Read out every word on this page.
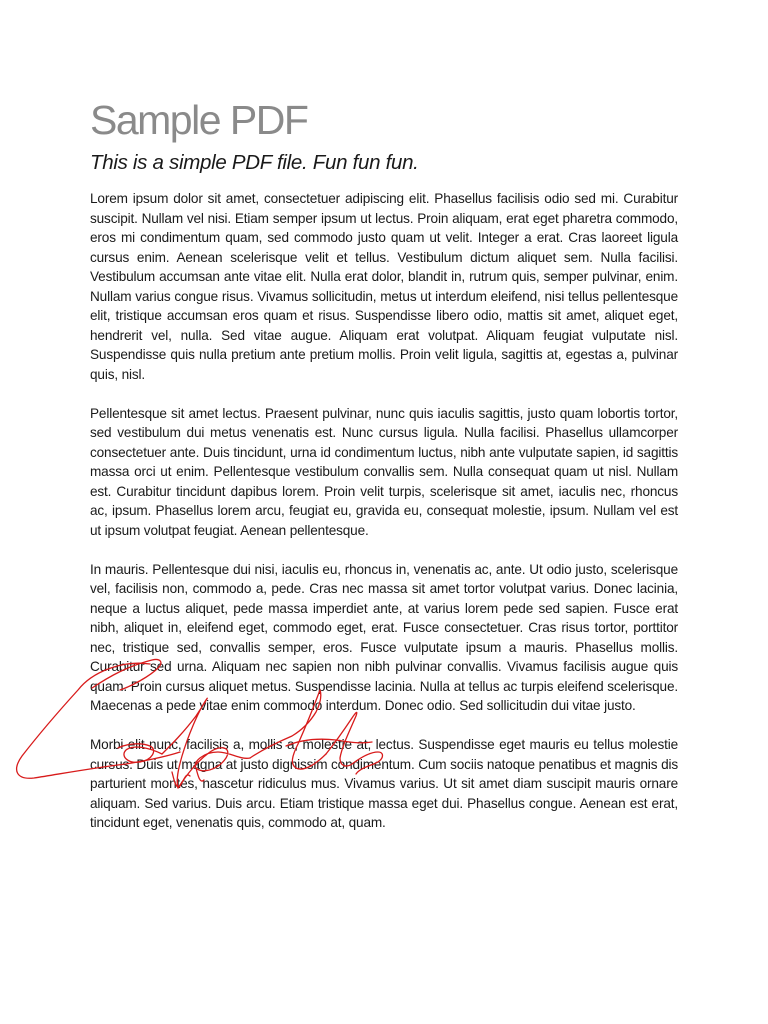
Sample PDF

This is a simple PDF file. Fun fun fun.

Lorem ipsum dolor sit amet, consectetuer adipiscing elit. Phasellus facilisis odio sed mi. Curabitur suscipit. Nullam vel nisi. Etiam semper ipsum ut lectus. Proin aliquam, erat eget pharetra commodo, eros mi condimentum quam, sed commodo justo quam ut velit. Integer a erat. Cras laoreet ligula cursus enim. Aenean scelerisque velit et tellus. Vestibulum dictum aliquet sem. Nulla facilisi. Vestibulum accumsan ante vitae elit. Nulla erat dolor, blandit in, rutrum quis, semper pulvinar, enim. Nullam varius congue risus. Vivamus sollicitudin, metus ut interdum eleifend, nisi tellus pellentesque elit, tristique accumsan eros quam et risus. Suspendisse libero odio, mattis sit amet, aliquet eget, hendrerit vel, nulla. Sed vitae augue. Aliquam erat volutpat. Aliquam feugiat vulputate nisl. Suspendisse quis nulla pretium ante pretium mollis. Proin velit ligula, sagittis at, egestas a, pulvinar quis, nisl.

Pellentesque sit amet lectus. Praesent pulvinar, nunc quis iaculis sagittis, justo quam lobortis tortor, sed vestibulum dui metus venenatis est. Nunc cursus ligula. Nulla facilisi. Phasellus ullamcorper consectetuer ante. Duis tincidunt, urna id condimentum luctus, nibh ante vulputate sapien, id sagittis massa orci ut enim. Pellentesque vestibulum convallis sem. Nulla consequat quam ut nisl. Nullam est. Curabitur tincidunt dapibus lorem. Proin velit turpis, scelerisque sit amet, iaculis nec, rhoncus ac, ipsum. Phasellus lorem arcu, feugiat eu, gravida eu, consequat molestie, ipsum. Nullam vel est ut ipsum volutpat feugiat. Aenean pellentesque.

In mauris. Pellentesque dui nisi, iaculis eu, rhoncus in, venenatis ac, ante. Ut odio justo, scelerisque vel, facilisis non, commodo a, pede. Cras nec massa sit amet tortor volutpat varius. Donec lacinia, neque a luctus aliquet, pede massa imperdiet ante, at varius lorem pede sed sapien. Fusce erat nibh, aliquet in, eleifend eget, commodo eget, erat. Fusce consectetuer. Cras risus tortor, porttitor nec, tristique sed, convallis semper, eros. Fusce vulputate ipsum a mauris. Phasellus mollis. Curabitur sed urna. Aliquam nec sapien non nibh pulvinar convallis. Vivamus facilisis augue quis quam. Proin cursus aliquet metus. Suspendisse lacinia. Nulla at tellus ac turpis eleifend scelerisque. Maecenas a pede vitae enim commodo interdum. Donec odio. Sed sollicitudin dui vitae justo.

Morbi elit nunc, facilisis a, mollis a, molestie at, lectus. Suspendisse eget mauris eu tellus molestie cursus. Duis ut magna at justo dignissim condimentum. Cum sociis natoque penatibus et magnis dis parturient montes, nascetur ridiculus mus. Vivamus varius. Ut sit amet diam suscipit mauris ornare aliquam. Sed varius. Duis arcu. Etiam tristique massa eget dui. Phasellus congue. Aenean est erat, tincidunt eget, venenatis quis, commodo at, quam.
